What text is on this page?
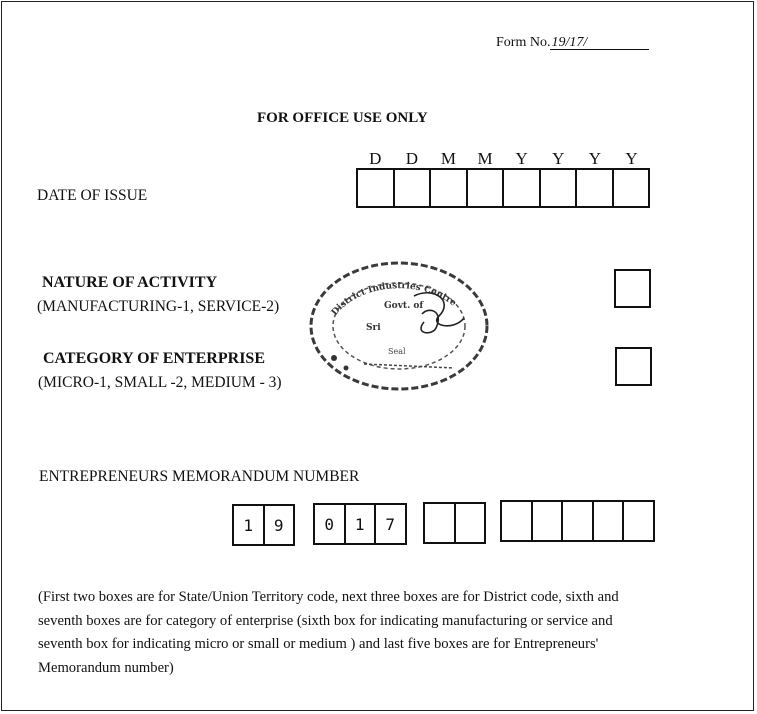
Form No.19/17/
FOR OFFICE USE ONLY
D	D	M	M	Y	Y	Y	Y
DATE OF ISSUE
NATURE OF ACTIVITY
(MANUFACTURING-1, SERVICE-2)
CATEGORY OF ENTERPRISE
(MICRO-1, SMALL -2, MEDIUM - 3)
District Industries Centre
Govt. of
Sri
Seal
ENTREPRENEURS MEMORANDUM NUMBER
1	9	0	1	7

(First two boxes are for State/Union Territory code, next three boxes are for District code, sixth and

seventh boxes are for category of enterprise (sixth box for indicating manufacturing or service and

seventh box for indicating micro or small or medium ) and last five boxes are for Entrepreneurs'

Memorandum number)
